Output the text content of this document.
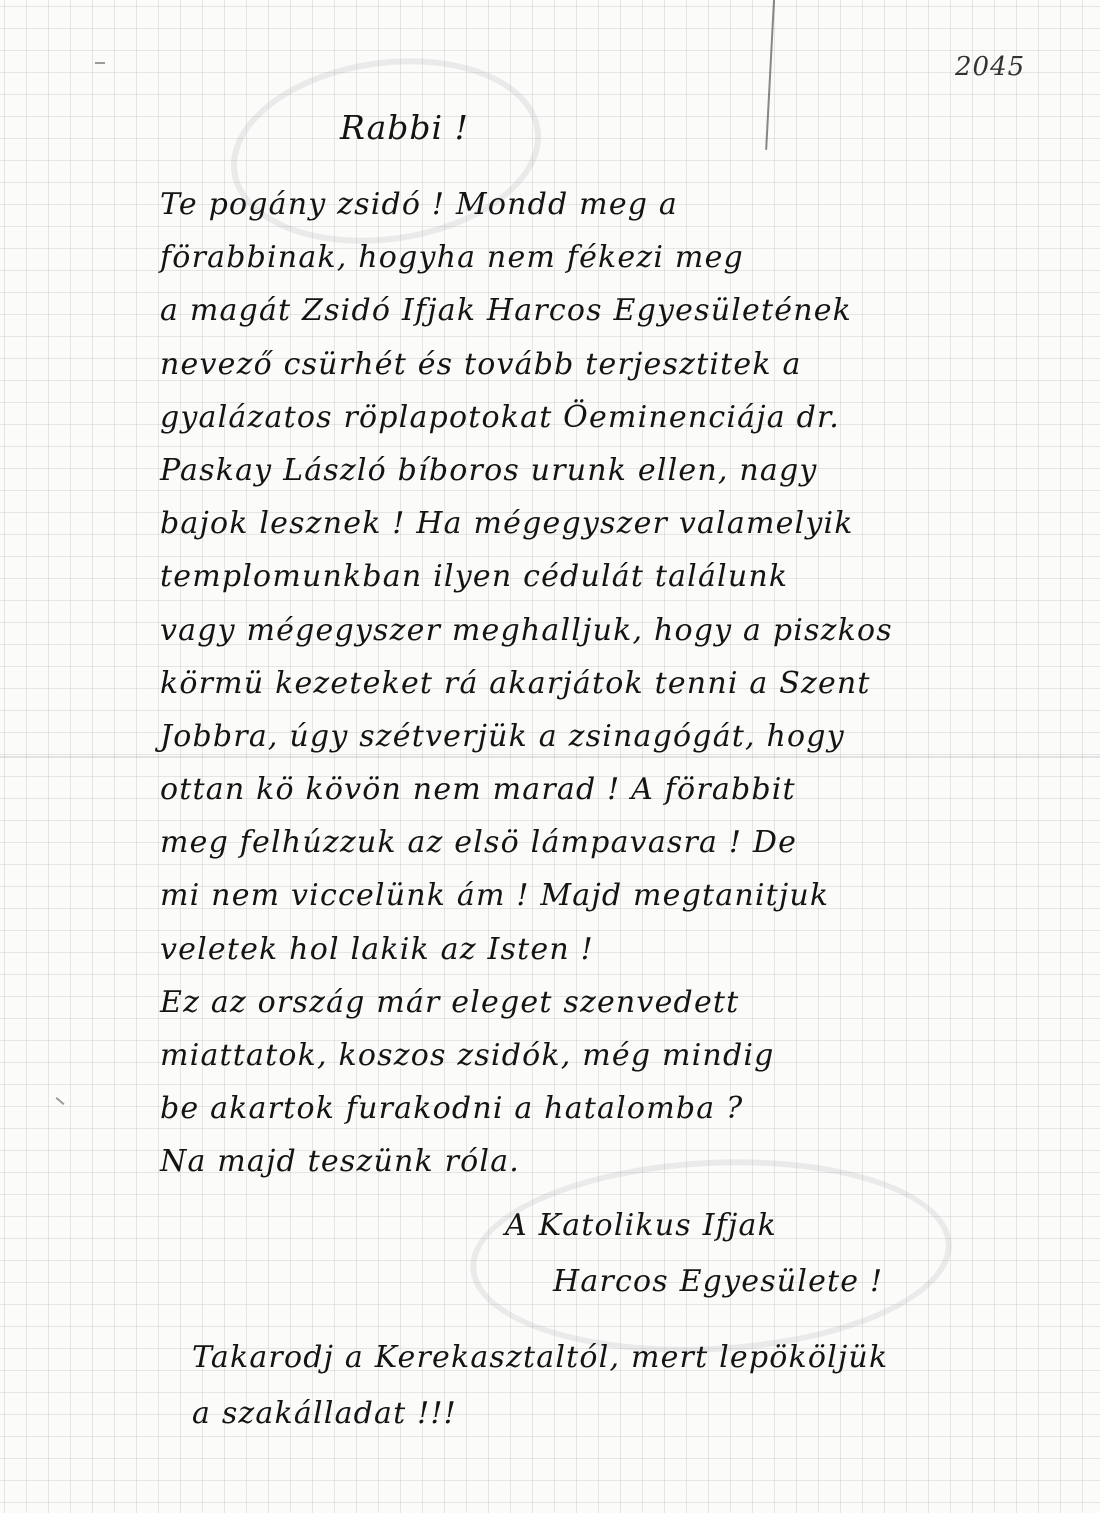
2045
Rabbi !
Te pogány zsidó ! Mondd meg a
förabbinak, hogyha nem fékezi meg
a magát Zsidó Ifjak Harcos Egyesületének
nevező csürhét és tovább terjesztitek a
gyalázatos röplapotokat Öeminenciája dr.
Paskay László bíboros urunk ellen, nagy
bajok lesznek ! Ha mégegyszer valamelyik
templomunkban ilyen cédulát találunk
vagy mégegyszer meghalljuk, hogy a piszkos
körmü kezeteket rá akarjátok tenni a Szent
Jobbra, úgy szétverjük a zsinagógát, hogy
ottan kö kövön nem marad ! A förabbit
meg felhúzzuk az elsö lámpavasra ! De
mi nem viccelünk ám ! Majd megtanitjuk
veletek hol lakik az Isten !
Ez az ország már eleget szenvedett
miattatok, koszos zsidók, még mindig
be akartok furakodni a hatalomba ?
Na majd teszünk róla.
A Katolikus Ifjak
Harcos Egyesülete !
Takarodj a Kerekasztaltól, mert lepököljük
a szakálladat !!!
